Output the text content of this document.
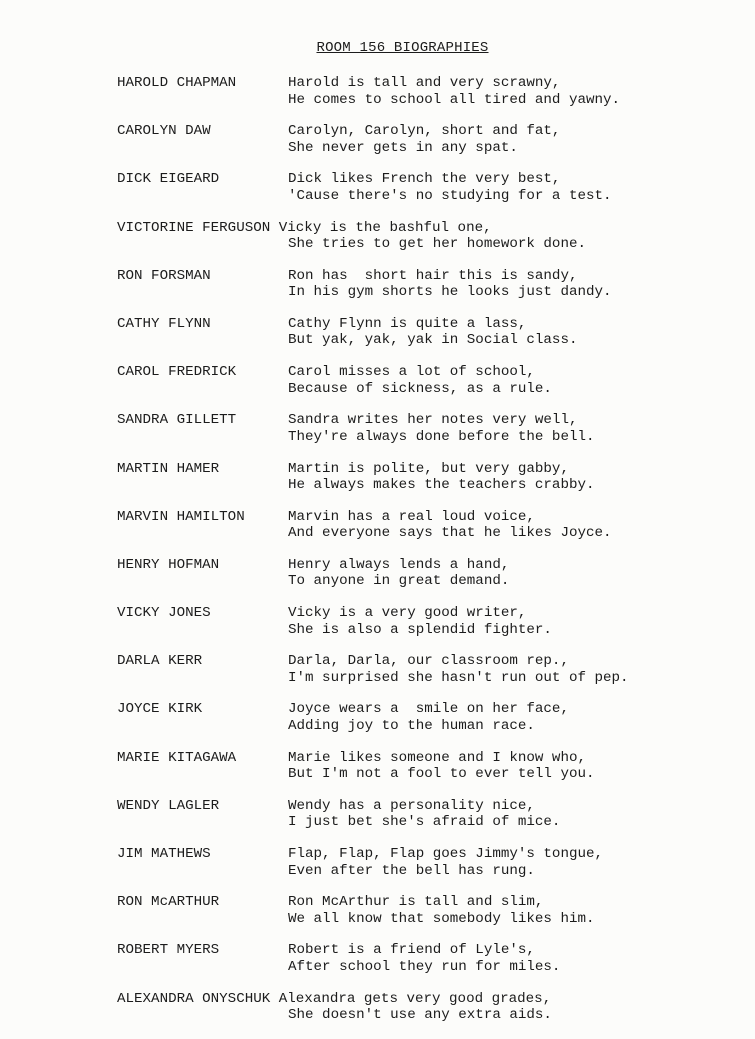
ROOM 156 BIOGRAPHIES
HAROLD CHAPMAN	Harold is tall and very scrawny,
He comes to school all tired and yawny.
CAROLYN DAW	Carolyn, Carolyn, short and fat,
She never gets in any spat.
DICK EIGEARD	Dick likes French the very best,
'Cause there's no studying for a test.
VICTORINE FERGUSON Vicky is the bashful one,
She tries to get her homework done.
RON FORSMAN	Ron has  short hair this is sandy,
In his gym shorts he looks just dandy.
CATHY FLYNN	Cathy Flynn is quite a lass,
But yak, yak, yak in Social class.
CAROL FREDRICK	Carol misses a lot of school,
Because of sickness, as a rule.
SANDRA GILLETT	Sandra writes her notes very well,
They're always done before the bell.
MARTIN HAMER	Martin is polite, but very gabby,
He always makes the teachers crabby.
MARVIN HAMILTON	Marvin has a real loud voice,
And everyone says that he likes Joyce.
HENRY HOFMAN	Henry always lends a hand,
To anyone in great demand.
VICKY JONES	Vicky is a very good writer,
She is also a splendid fighter.
DARLA KERR	Darla, Darla, our classroom rep.,
I'm surprised she hasn't run out of pep.
JOYCE KIRK	Joyce wears a  smile on her face,
Adding joy to the human race.
MARIE KITAGAWA	Marie likes someone and I know who,
But I'm not a fool to ever tell you.
WENDY LAGLER	Wendy has a personality nice,
I just bet she's afraid of mice.
JIM MATHEWS	Flap, Flap, Flap goes Jimmy's tongue,
Even after the bell has rung.
RON McARTHUR	Ron McArthur is tall and slim,
We all know that somebody likes him.
ROBERT MYERS	Robert is a friend of Lyle's,
After school they run for miles.
ALEXANDRA ONYSCHUK Alexandra gets very good grades,
She doesn't use any extra aids.
